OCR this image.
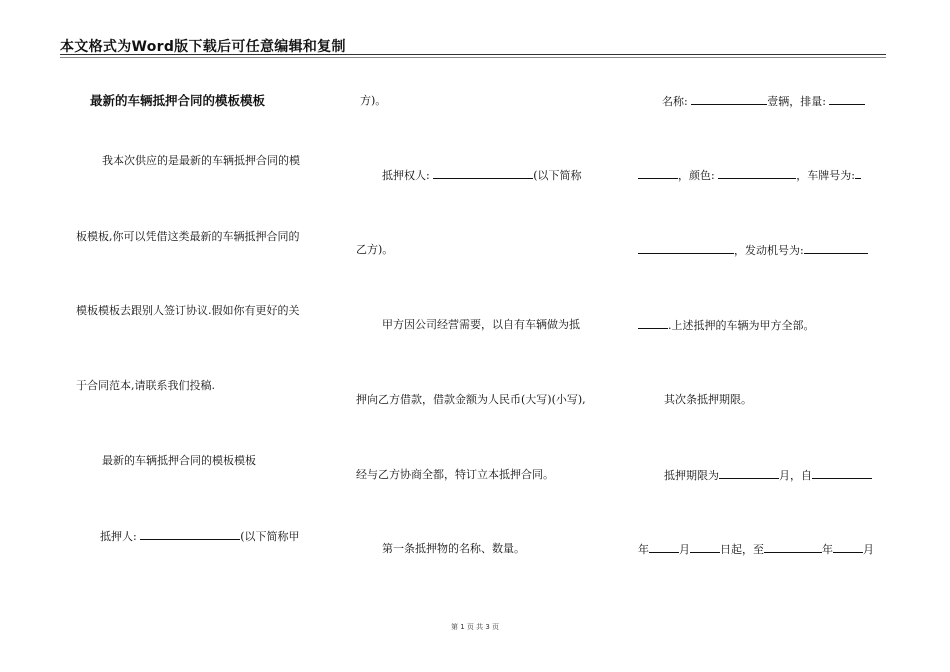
本文格式为Word版下载后可任意编辑和复制
最新的车辆抵押合同的模板模板
我本次供应的是最新的车辆抵押合同的模
板模板,你可以凭借这类最新的车辆抵押合同的
模板模板去跟别人签订协议.假如你有更好的关
于合同范本,请联系我们投稿.
最新的车辆抵押合同的模板模板
抵押人:	(以下简称甲
方)。
抵押权人:	(以下简称
乙方)。
甲方因公司经营需要，以自有车辆做为抵
押向乙方借款，借款金额为人民币(大写)(小写),
经与乙方协商全都，特订立本抵押合同。
第一条抵押物的名称、数量。
名称:	壹辆，排量:
，颜色:	，车牌号为:
，发动机号为:
.上述抵押的车辆为甲方全部。
其次条抵押期限。
抵押期限为	月，自
年	月	日起，至	年	月
第 1 页 共 3 页
